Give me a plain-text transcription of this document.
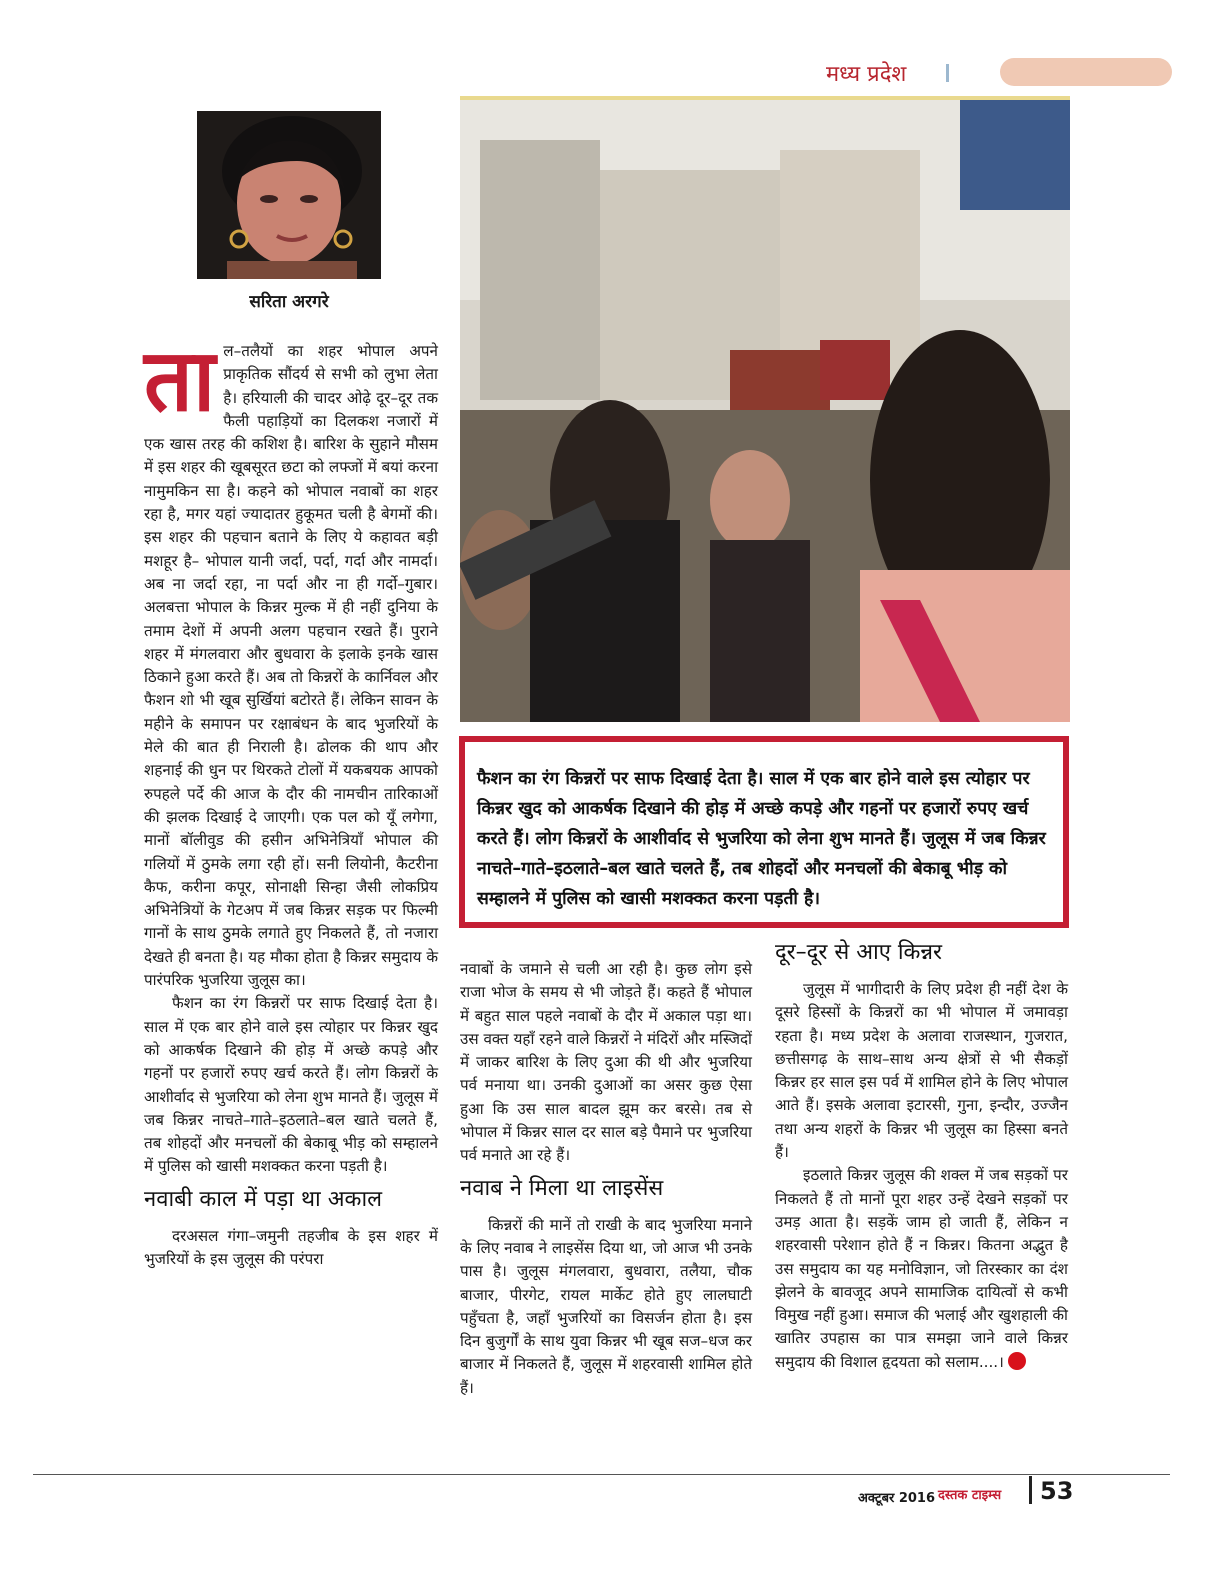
मध्य प्रदेश
सरिता अरगरे

फैशन का रंग किन्नरों पर साफ दिखाई देता है। साल में एक बार होने वाले इस त्योहार पर किन्नर खुद को आकर्षक दिखाने की होड़ में अच्छे कपड़े और गहनों पर हजारों रुपए खर्च करते हैं। लोग किन्नरों के आशीर्वाद से भुजरिया को लेना शुभ मानते हैं। जुलूस में जब किन्नर नाचते–गाते–इठलाते–बल खाते चलते हैं, तब शोहदों और मनचलों की बेकाबू भीड़ को सम्हालने में पुलिस को खासी मशक्कत करना पड़ती है।

ताल–तलैयों का शहर भोपाल अपने प्राकृतिक सौंदर्य से सभी को लुभा लेता है। हरियाली की चादर ओढ़े दूर–दूर तक फैली पहाड़ियों का दिलकश नजारों में एक खास तरह की कशिश है। बारिश के सुहाने मौसम में इस शहर की खूबसूरत छटा को लफ्जों में बयां करना नामुमकिन सा है। कहने को भोपाल नवाबों का शहर रहा है, मगर यहां ज्यादातर हुकूमत चली है बेगमों की। इस शहर की पहचान बताने के लिए ये कहावत बड़ी मशहूर है– भोपाल यानी जर्दा, पर्दा, गर्दा और नामर्दा। अब ना जर्दा रहा, ना पर्दा और ना ही गर्दो–गुबार। अलबत्ता भोपाल के किन्नर मुल्क में ही नहीं दुनिया के तमाम देशों में अपनी अलग पहचान रखते हैं। पुराने शहर में मंगलवारा और बुधवारा के इलाके इनके खास ठिकाने हुआ करते हैं। अब तो किन्नरों के कार्निवल और फैशन शो भी खूब सुर्खियां बटोरते हैं। लेकिन सावन के महीने के समापन पर रक्षाबंधन के बाद भुजरियों के मेले की बात ही निराली है। ढोलक की थाप और शहनाई की धुन पर थिरकते टोलों में यकबयक आपको रुपहले पर्दे की आज के दौर की नामचीन तारिकाओं की झलक दिखाई दे जाएगी। एक पल को यूँ लगेगा, मानों बॉलीवुड की हसीन अभिनेत्रियाँ भोपाल की गलियों में ठुमके लगा रही हों। सनी लियोनी, कैटरीना कैफ, करीना कपूर, सोनाक्षी सिन्हा जैसी लोकप्रिय अभिनेत्रियों के गेटअप में जब किन्नर सड़क पर फिल्मी गानों के साथ ठुमके लगाते हुए निकलते हैं, तो नजारा देखते ही बनता है। यह मौका होता है किन्नर समुदाय के पारंपरिक भुजरिया जुलूस का।

फैशन का रंग किन्नरों पर साफ दिखाई देता है। साल में एक बार होने वाले इस त्योहार पर किन्नर खुद को आकर्षक दिखाने की होड़ में अच्छे कपड़े और गहनों पर हजारों रुपए खर्च करते हैं। लोग किन्नरों के आशीर्वाद से भुजरिया को लेना शुभ मानते हैं। जुलूस में जब किन्नर नाचते–गाते–इठलाते–बल खाते चलते हैं, तब शोहदों और मनचलों की बेकाबू भीड़ को सम्हालने में पुलिस को खासी मशक्कत करना पड़ती है।

नवाबी काल में पड़ा था अकाल

दरअसल गंगा–जमुनी तहजीब के इस शहर में भुजरियों के इस जुलूस की परंपरा

नवाबों के जमाने से चली आ रही है। कुछ लोग इसे राजा भोज के समय से भी जोड़ते हैं। कहते हैं भोपाल में बहुत साल पहले नवाबों के दौर में अकाल पड़ा था। उस वक्त यहाँ रहने वाले किन्नरों ने मंदिरों और मस्जिदों में जाकर बारिश के लिए दुआ की थी और भुजरिया पर्व मनाया था। उनकी दुआओं का असर कुछ ऐसा हुआ कि उस साल बादल झूम कर बरसे। तब से भोपाल में किन्नर साल दर साल बड़े पैमाने पर भुजरिया पर्व मनाते आ रहे हैं।

नवाब ने मिला था लाइसेंस

किन्नरों की मानें तो राखी के बाद भुजरिया मनाने के लिए नवाब ने लाइसेंस दिया था, जो आज भी उनके पास है। जुलूस मंगलवारा, बुधवारा, तलैया, चौक बाजार, पीरगेट, रायल मार्केट होते हुए लालघाटी पहुँचता है, जहाँ भुजरियों का विसर्जन होता है। इस दिन बुजुर्गों के साथ युवा किन्नर भी खूब सज–धज कर बाजार में निकलते हैं, जुलूस में शहरवासी शामिल होते हैं।

दूर–दूर से आए किन्नर

जुलूस में भागीदारी के लिए प्रदेश ही नहीं देश के दूसरे हिस्सों के किन्नरों का भी भोपाल में जमावड़ा रहता है। मध्य प्रदेश के अलावा राजस्थान, गुजरात, छत्तीसगढ़ के साथ–साथ अन्य क्षेत्रों से भी सैकड़ों किन्नर हर साल इस पर्व में शामिल होने के लिए भोपाल आते हैं। इसके अलावा इटारसी, गुना, इन्दौर, उज्जैन तथा अन्य शहरों के किन्नर भी जुलूस का हिस्सा बनते हैं।

इठलाते किन्नर जुलूस की शक्ल में जब सड़कों पर निकलते हैं तो मानों पूरा शहर उन्हें देखने सड़कों पर उमड़ आता है। सड़कें जाम हो जाती हैं, लेकिन न शहरवासी परेशान होते हैं न किन्नर। कितना अद्भुत है उस समुदाय का यह मनोविज्ञान, जो तिरस्कार का दंश झेलने के बावजूद अपने सामाजिक दायित्वों से कभी विमुख नहीं हुआ। समाज की भलाई और खुशहाली की खातिर उपहास का पात्र समझा जाने वाले किन्नर समुदाय की विशाल हृदयता को सलाम....।

अक्टूबर 2016 दस्तक टाइम्स 53
